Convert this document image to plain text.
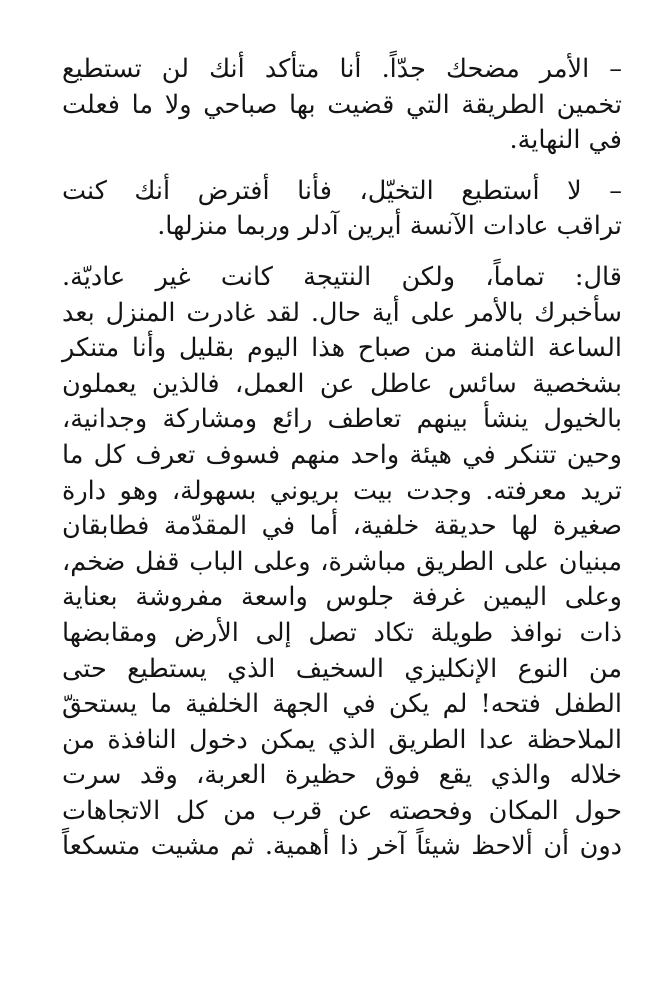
– الأمر مضحك جدّاً. أنا متأكد أنك لن تستطيع
تخمين الطريقة التي قضيت بها صباحي ولا ما فعلت
في النهاية.
– لا أستطيع التخيّل، فأنا أفترض أنك كنت
تراقب عادات الآنسة أيرين آدلر وربما منزلها.
قال: تماماً، ولكن النتيجة كانت غير عاديّة.
سأخبرك بالأمر على أية حال. لقد غادرت المنزل بعد
الساعة الثامنة من صباح هذا اليوم بقليل وأنا متنكر
بشخصية سائس عاطل عن العمل، فالذين يعملون
بالخيول ينشأ بينهم تعاطف رائع ومشاركة وجدانية،
وحين تتنكر في هيئة واحد منهم فسوف تعرف كل ما
تريد معرفته. وجدت بيت بريوني بسهولة، وهو دارة
صغيرة لها حديقة خلفية، أما في المقدّمة فطابقان
مبنيان على الطريق مباشرة، وعلى الباب قفل ضخم،
وعلى اليمين غرفة جلوس واسعة مفروشة بعناية
ذات نوافذ طويلة تكاد تصل إلى الأرض ومقابضها
من النوع الإنكليزي السخيف الذي يستطيع حتى
الطفل فتحه! لم يكن في الجهة الخلفية ما يستحقّ
الملاحظة عدا الطريق الذي يمكن دخول النافذة من
خلاله والذي يقع فوق حظيرة العربة، وقد سرت
حول المكان وفحصته عن قرب من كل الاتجاهات
دون أن ألاحظ شيئاً آخر ذا أهمية. ثم مشيت متسكعاً
